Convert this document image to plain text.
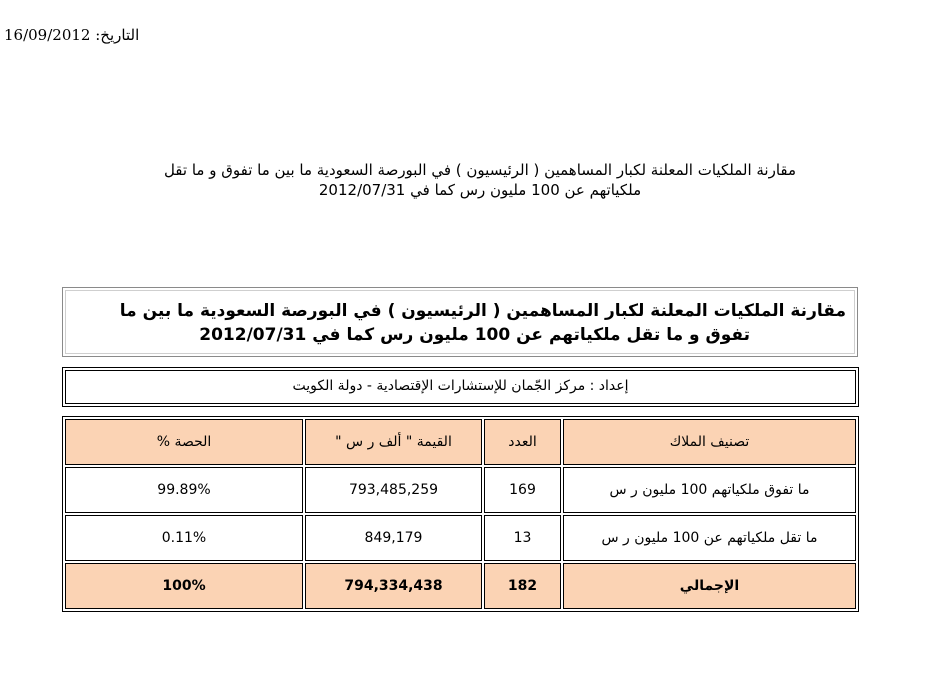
16/09/2012 التاريخ:
مقارنة الملكيات المعلنة لكبار المساهمين ( الرئيسيون ) في البورصة السعودية ما بين ما تفوق و ما تقل
ملكياتهم عن 100 مليون رس كما في 2012/07/31
مقارنة الملكيات المعلنة لكبار المساهمين ( الرئيسيون ) في البورصة السعودية ما بين ما
تفوق و ما تقل ملكياتهم عن 100 مليون رس كما في 2012/07/31
إعداد : مركز الجّمان للإستشارات الإقتصادية - دولة الكويت
تصنيف الملاك	العدد	القيمة " ألف ر س "	الحصة %
ما تفوق ملكياتهم 100 مليون ر س	169	793,485,259	99.89%
ما تقل ملكياتهم عن 100 مليون ر س	13	849,179	0.11%
الإجمالي	182	794,334,438	100%
